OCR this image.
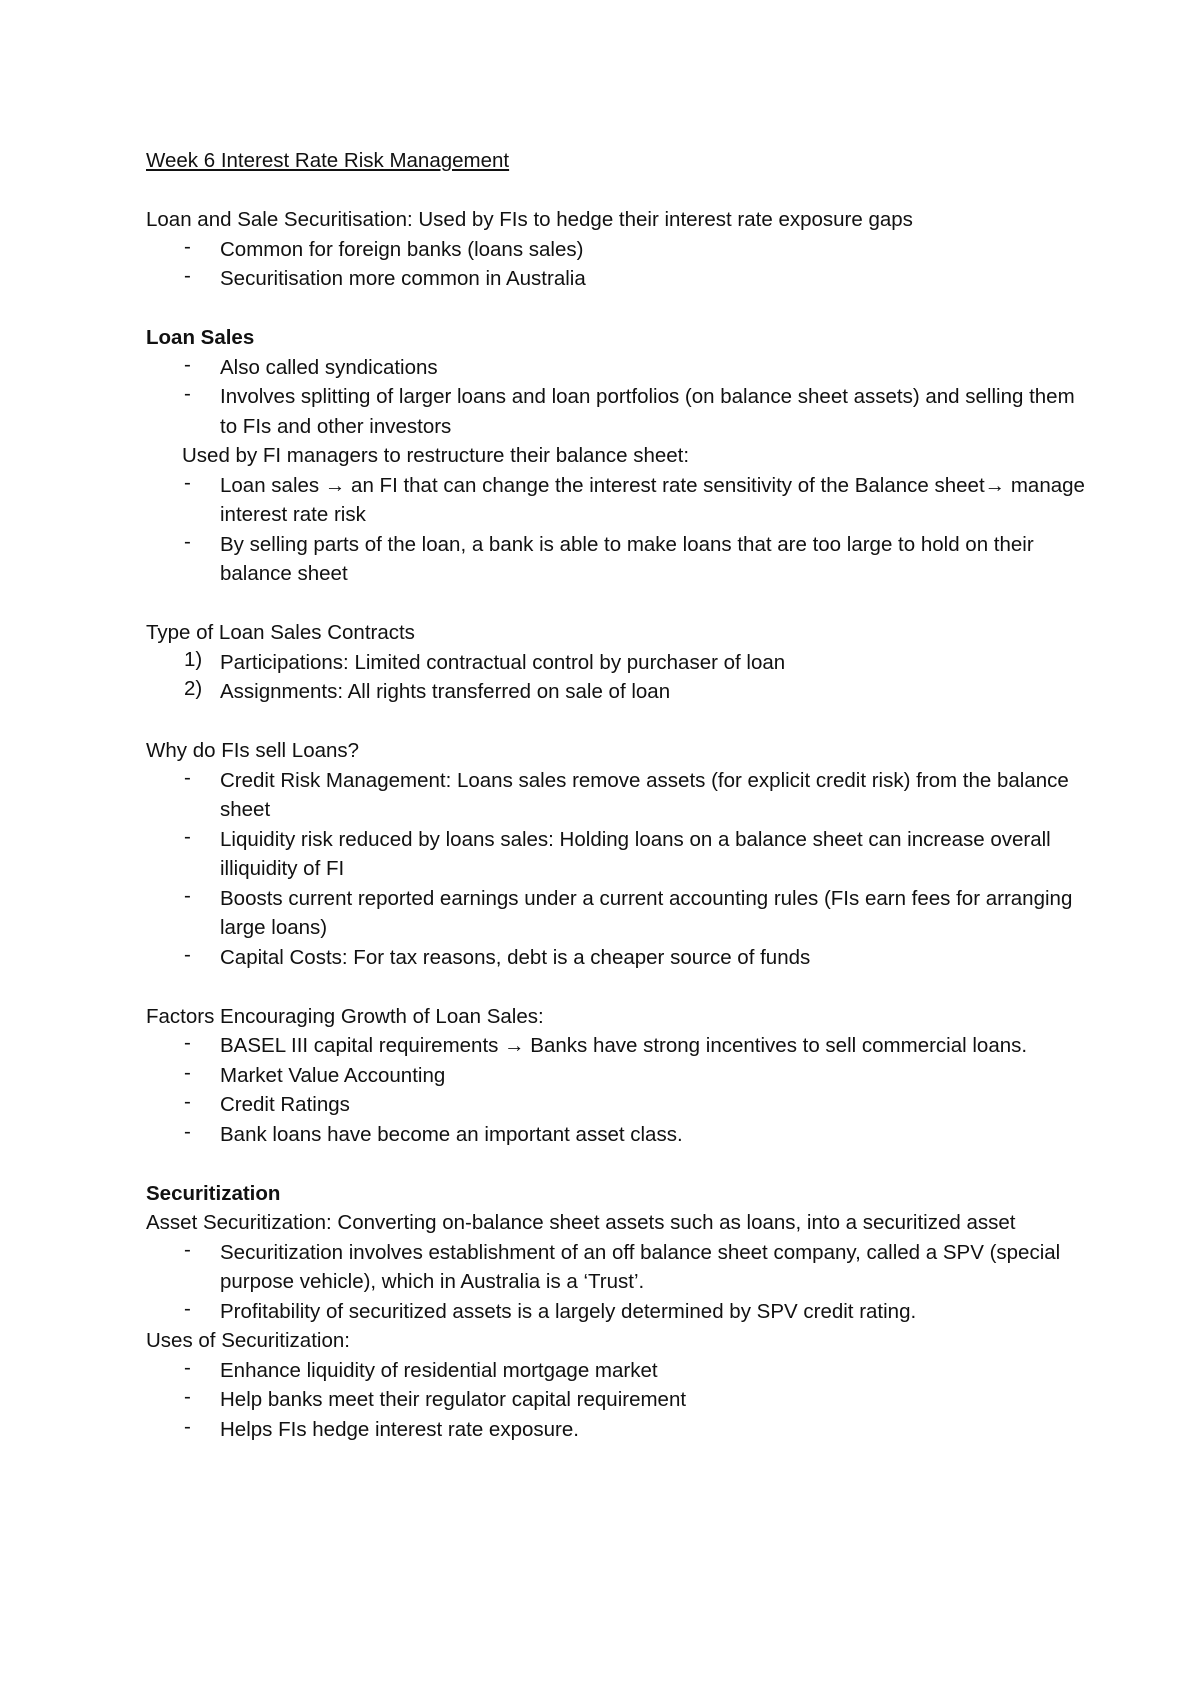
Week 6 Interest Rate Risk Management
Loan and Sale Securitisation: Used by FIs to hedge their interest rate exposure gaps
-	Common for foreign banks (loans sales)
-	Securitisation more common in Australia
Loan Sales
-	Also called syndications
-	Involves splitting of larger loans and loan portfolios (on balance sheet assets) and selling them to FIs and other investors
Used by FI managers to restructure their balance sheet:
-	Loan sales → an FI that can change the interest rate sensitivity of the Balance sheet→ manage interest rate risk
-	By selling parts of the loan, a bank is able to make loans that are too large to hold on their balance sheet
Type of Loan Sales Contracts
1) Participations: Limited contractual control by purchaser of loan
2) Assignments: All rights transferred on sale of loan
Why do FIs sell Loans?
-	Credit Risk Management: Loans sales remove assets (for explicit credit risk) from the balance sheet
-	Liquidity risk reduced by loans sales: Holding loans on a balance sheet can increase overall illiquidity of FI
-	Boosts current reported earnings under a current accounting rules (FIs earn fees for arranging large loans)
-	Capital Costs: For tax reasons, debt is a cheaper source of funds
Factors Encouraging Growth of Loan Sales:
-	BASEL III capital requirements → Banks have strong incentives to sell commercial loans.
-	Market Value Accounting
-	Credit Ratings
-	Bank loans have become an important asset class.
Securitization
Asset Securitization: Converting on-balance sheet assets such as loans, into a securitized asset
-	Securitization involves establishment of an off balance sheet company, called a SPV (special purpose vehicle), which in Australia is a ‘Trust’.
-	Profitability of securitized assets is a largely determined by SPV credit rating.
Uses of Securitization:
-	Enhance liquidity of residential mortgage market
-	Help banks meet their regulator capital requirement
-	Helps FIs hedge interest rate exposure.
